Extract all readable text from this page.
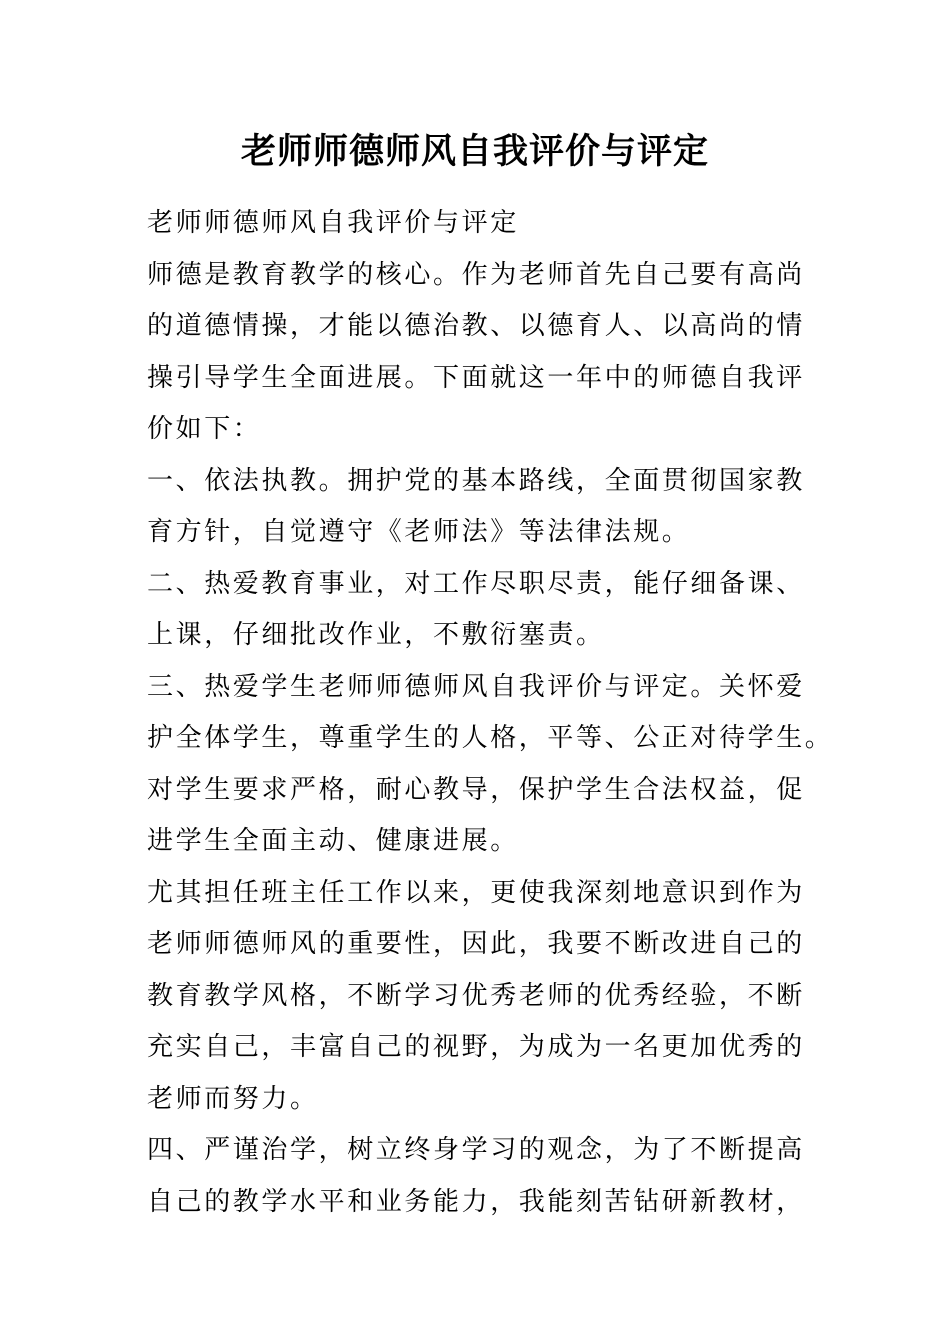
老师师德师风自我评价与评定
老师师德师风自我评价与评定
师德是教育教学的核心。作为老师首先自己要有高尚
的道德情操，才能以德治教、以德育人、以高尚的情
操引导学生全面进展。下面就这一年中的师德自我评
价如下：
一、依法执教。拥护党的基本路线，全面贯彻国家教
育方针，自觉遵守《老师法》等法律法规。
二、热爱教育事业，对工作尽职尽责，能仔细备课、
上课，仔细批改作业，不敷衍塞责。
三、热爱学生老师师德师风自我评价与评定。关怀爱
护全体学生，尊重学生的人格，平等、公正对待学生。
对学生要求严格，耐心教导，保护学生合法权益，促
进学生全面主动、健康进展。
尤其担任班主任工作以来，更使我深刻地意识到作为
老师师德师风的重要性，因此，我要不断改进自己的
教育教学风格，不断学习优秀老师的优秀经验，不断
充实自己，丰富自己的视野，为成为一名更加优秀的
老师而努力。
四、严谨治学，树立终身学习的观念，为了不断提高
自己的教学水平和业务能力，我能刻苦钻研新教材，
